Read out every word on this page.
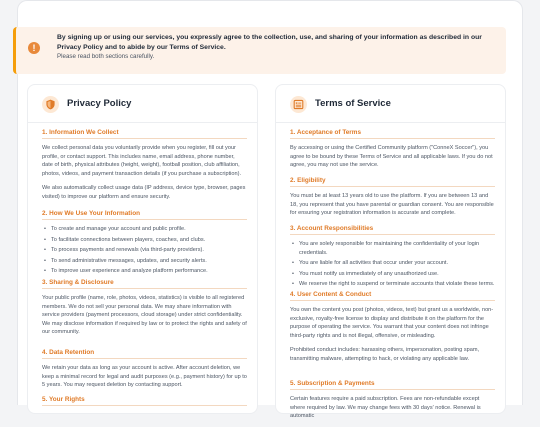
!
By signing up or using our services, you expressly agree to the collection, use, and sharing of your information as described in our Privacy Policy and to abide by our Terms of Service.
Please read both sections carefully.
Privacy Policy
1. Information We Collect
We collect personal data you voluntarily provide when you register, fill out your profile, or contact support. This includes name, email address, phone number, date of birth, physical attributes (height, weight), football position, club affiliation, photos, videos, and payment transaction details (if you purchase a subscription).
We also automatically collect usage data (IP address, device type, browser, pages visited) to improve our platform and ensure security.
2. How We Use Your Information
• To create and manage your account and public profile.
• To facilitate connections between players, coaches, and clubs.
• To process payments and renewals (via third-party providers).
• To send administrative messages, updates, and security alerts.
• To improve user experience and analyze platform performance.
3. Sharing & Disclosure
Your public profile (name, role, photos, videos, statistics) is visible to all registered members. We do not sell your personal data. We may share information with service providers (payment processors, cloud storage) under strict confidentiality. We may disclose information if required by law or to protect the rights and safety of our community.
4. Data Retention
We retain your data as long as your account is active. After account deletion, we keep a minimal record for legal and audit purposes (e.g., payment history) for up to 5 years. You may request deletion by contacting support.
5. Your Rights
Terms of Service
1. Acceptance of Terms
By accessing or using the Certified Community platform ("ConneX Soccer"), you agree to be bound by these Terms of Service and all applicable laws. If you do not agree, you may not use the service.
2. Eligibility
You must be at least 13 years old to use the platform. If you are between 13 and 18, you represent that you have parental or guardian consent. You are responsible for ensuring your registration information is accurate and complete.
3. Account Responsibilities
• You are solely responsible for maintaining the confidentiality of your login credentials.
• You are liable for all activities that occur under your account.
• You must notify us immediately of any unauthorized use.
• We reserve the right to suspend or terminate accounts that violate these terms.
4. User Content & Conduct
You own the content you post (photos, videos, text) but grant us a worldwide, non-exclusive, royalty-free license to display and distribute it on the platform for the purpose of operating the service. You warrant that your content does not infringe third-party rights and is not illegal, offensive, or misleading.
Prohibited conduct includes: harassing others, impersonation, posting spam, transmitting malware, attempting to hack, or violating any applicable law.
5. Subscription & Payments
Certain features require a paid subscription. Fees are non-refundable except where required by law. We may change fees with 30 days' notice. Renewal is automatic
